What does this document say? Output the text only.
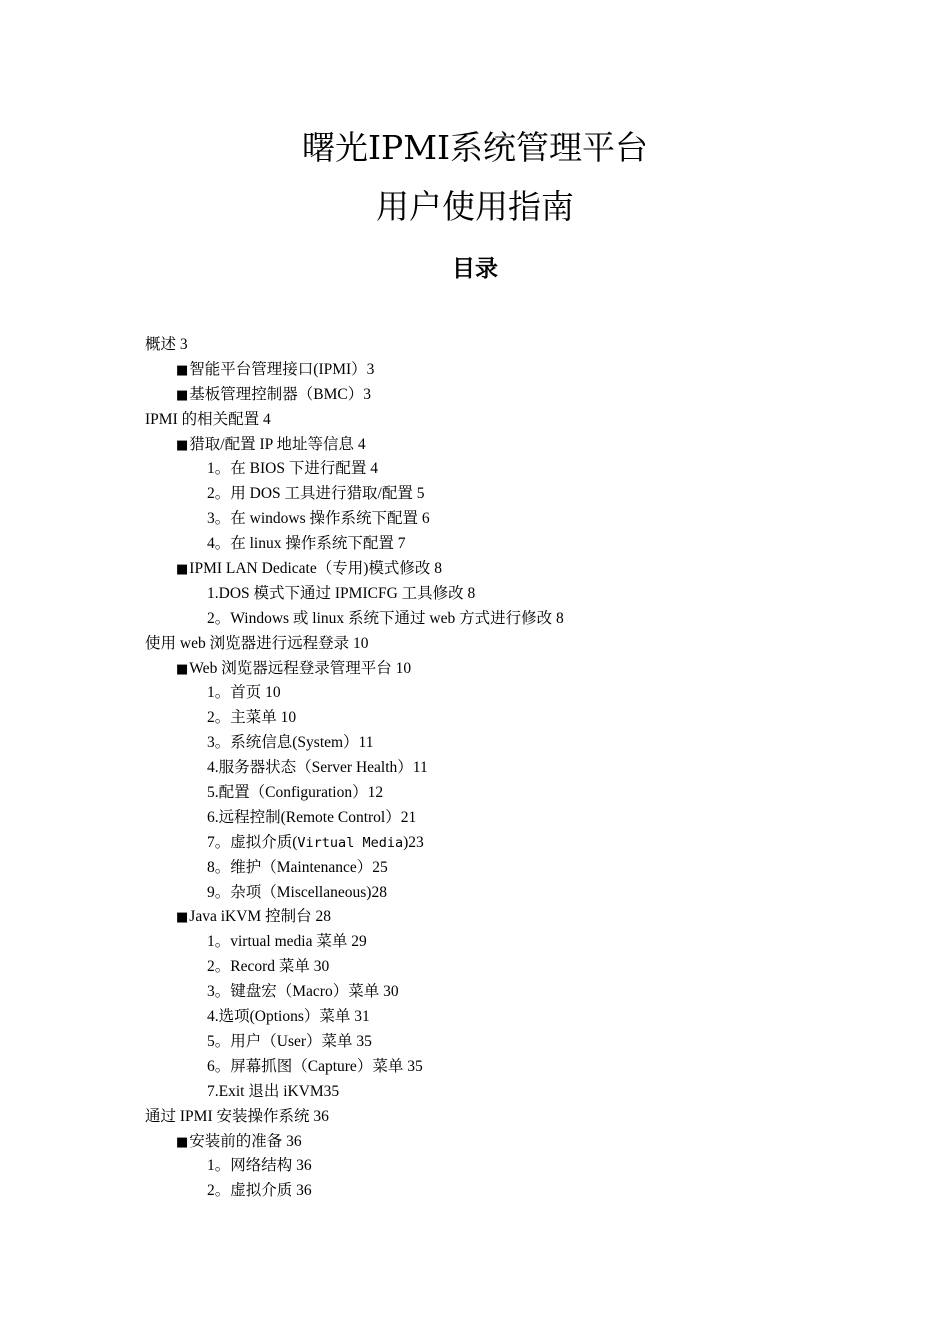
曙光IPMI系统管理平台
用户使用指南
目录
概述 3
■智能平台管理接口(IPMI）3
■基板管理控制器（BMC）3
IPMI 的相关配置 4
■猎取/配置 IP 地址等信息 4
1。在 BIOS 下进行配置 4
2。用 DOS 工具进行猎取/配置 5
3。在 windows 操作系统下配置 6
4。在 linux 操作系统下配置 7
■IPMI LAN Dedicate（专用)模式修改 8
1.DOS 模式下通过 IPMICFG 工具修改 8
2。Windows 或 linux 系统下通过 web 方式进行修改 8
使用 web 浏览器进行远程登录 10
■Web 浏览器远程登录管理平台 10
1。首页 10
2。主菜单 10
3。系统信息(System）11
4.服务器状态（Server Health）11
5.配置（Configuration）12
6.远程控制(Remote Control）21
7。虚拟介质(Virtual Media)23
8。维护（Maintenance）25
9。杂项（Miscellaneous)28
■Java iKVM 控制台 28
1。virtual media 菜单 29
2。Record 菜单 30
3。键盘宏（Macro）菜单 30
4.选项(Options）菜单 31
5。用户（User）菜单 35
6。屏幕抓图（Capture）菜单 35
7.Exit 退出 iKVM35
通过 IPMI 安装操作系统 36
■安装前的准备 36
1。网络结构 36
2。虚拟介质 36
